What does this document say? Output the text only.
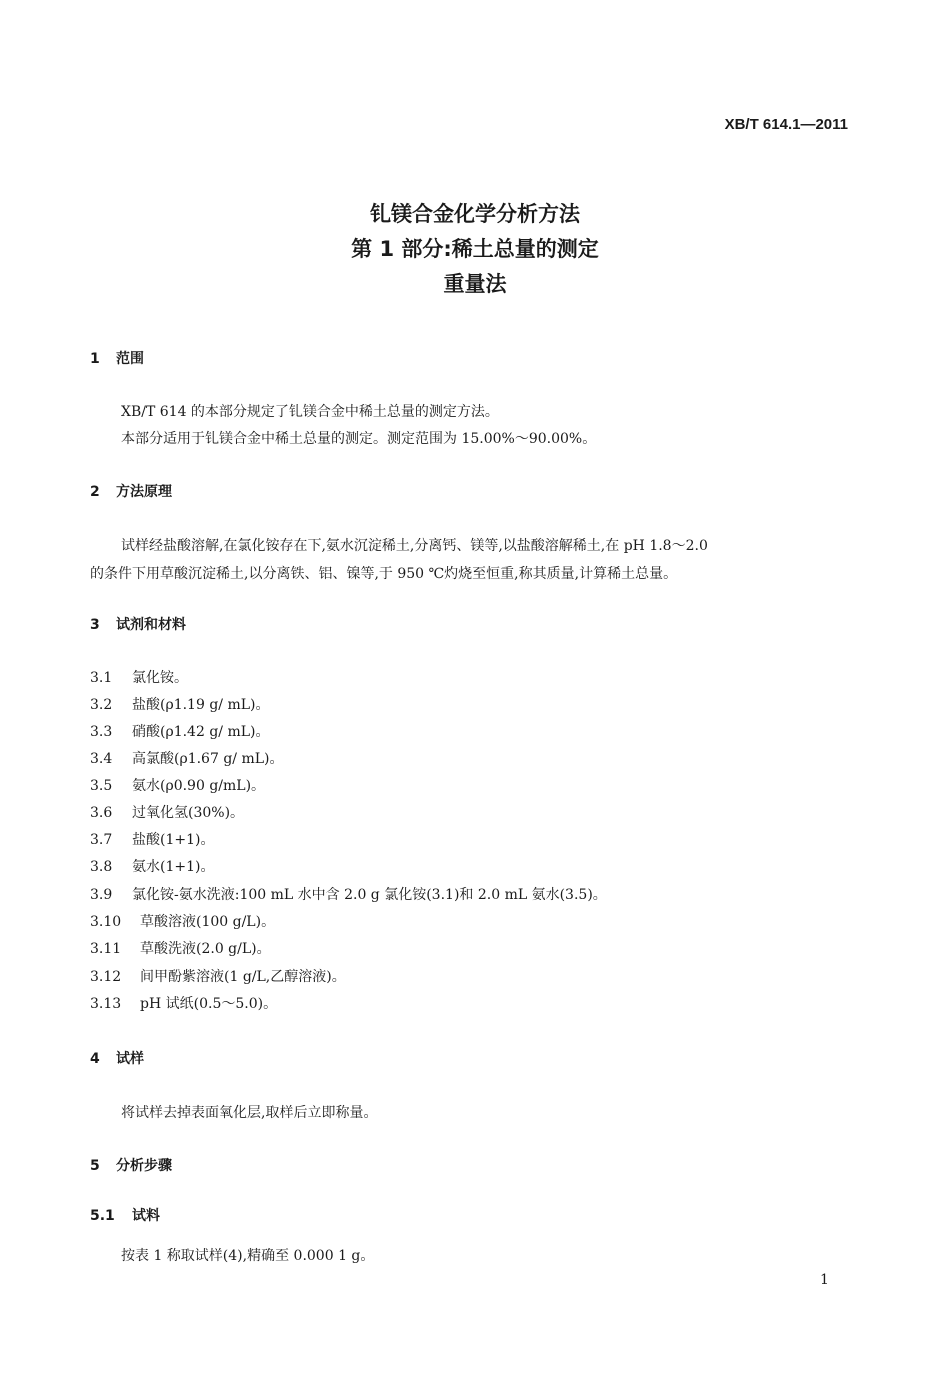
XB/T 614.1—2011
钆镁合金化学分析方法
第 1 部分:稀土总量的测定
重量法
1 范围
XB/T 614 的本部分规定了钆镁合金中稀土总量的测定方法。
本部分适用于钆镁合金中稀土总量的测定。测定范围为 15.00%～90.00%。
2 方法原理
试样经盐酸溶解,在氯化铵存在下,氨水沉淀稀土,分离钙、镁等,以盐酸溶解稀土,在 pH 1.8～2.0
的条件下用草酸沉淀稀土,以分离铁、铝、镍等,于 950 ℃灼烧至恒重,称其质量,计算稀土总量。
3 试剂和材料
3.1 氯化铵。
3.2 盐酸(ρ1.19 g/ mL)。
3.3 硝酸(ρ1.42 g/ mL)。
3.4 高氯酸(ρ1.67 g/ mL)。
3.5 氨水(ρ0.90 g/mL)。
3.6 过氧化氢(30%)。
3.7 盐酸(1+1)。
3.8 氨水(1+1)。
3.9 氯化铵-氨水洗液:100 mL 水中含 2.0 g 氯化铵(3.1)和 2.0 mL 氨水(3.5)。
3.10 草酸溶液(100 g/L)。
3.11 草酸洗液(2.0 g/L)。
3.12 间甲酚紫溶液(1 g/L,乙醇溶液)。
3.13 pH 试纸(0.5～5.0)。
4 试样
将试样去掉表面氧化层,取样后立即称量。
5 分析步骤
5.1 试料
按表 1 称取试样(4),精确至 0.000 1 g。
1
